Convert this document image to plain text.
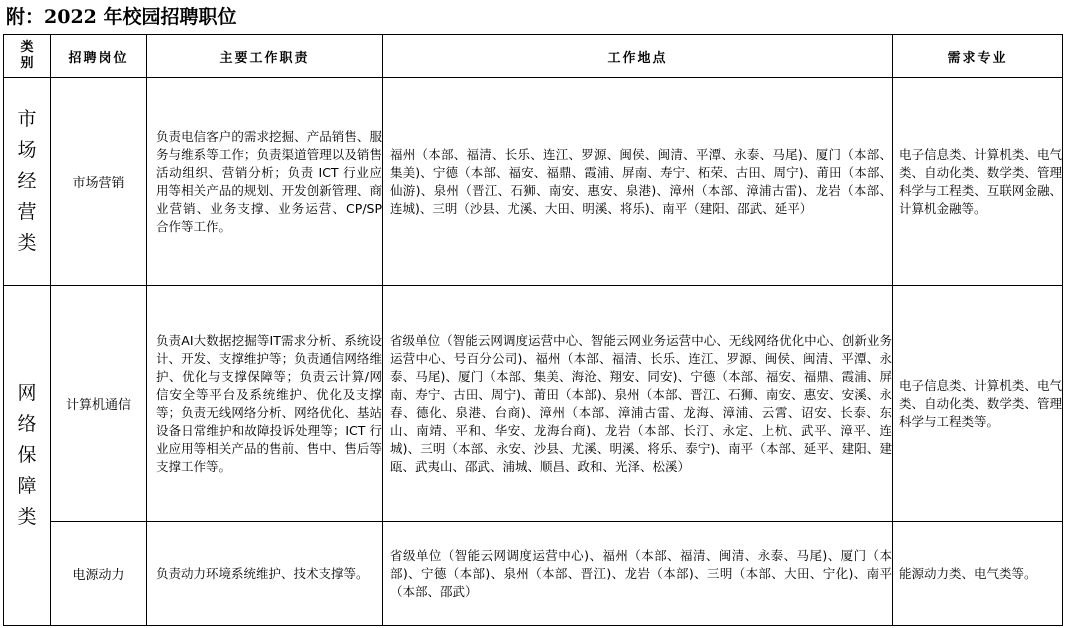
附：2022 年校园招聘职位
类别	招聘岗位	主要工作职责	工作地点	需求专业

市场经营类	市场营销	负责电信客户的需求挖掘、产品销售、服务与维系等工作；负责渠道管理以及销售活动组织、营销分析；负责 ICT 行业应用等相关产品的规划、开发创新管理、商业营销、业务支撑、业务运营、CP/SP 合作等工作。	福州（本部、福清、长乐、连江、罗源、闽侯、闽清、平潭、永泰、马尾)、厦门（本部、集美)、宁德（本部、福安、福鼎、霞浦、屏南、寿宁、柘荣、古田、周宁)、莆田（本部、仙游)、泉州（晋江、石狮、南安、惠安、泉港)、漳州（本部、漳浦古雷)、龙岩（本部、连城)、三明（沙县、尤溪、大田、明溪、将乐)、南平（建阳、邵武、延平）	电子信息类、计算机类、电气类、自动化类、数学类、管理科学与工程类、互联网金融、计算机金融等。

网络保障类	计算机通信	负责AI大数据挖掘等IT需求分析、系统设计、开发、支撑维护等；负责通信网络维护、优化与支撑保障等；负责云计算/网信安全等平台及系统维护、优化及支撑等；负责无线网络分析、网络优化、基站设备日常维护和故障投诉处理等；ICT 行业应用等相关产品的售前、售中、售后等支撑工作等。	省级单位（智能云网调度运营中心、智能云网业务运营中心、无线网络优化中心、创新业务运营中心、号百分公司)、福州（本部、福清、长乐、连江、罗源、闽侯、闽清、平潭、永泰、马尾)、厦门（本部、集美、海沧、翔安、同安)、宁德（本部、福安、福鼎、霞浦、屏南、寿宁、古田、周宁)、莆田（本部)、泉州（本部、晋江、石狮、南安、惠安、安溪、永春、德化、泉港、台商)、漳州（本部、漳浦古雷、龙海、漳浦、云霄、诏安、长泰、东山、南靖、平和、华安、龙海台商)、龙岩（本部、长汀、永定、上杭、武平、漳平、连城)、三明（本部、永安、沙县、尤溪、明溪、将乐、泰宁)、南平（本部、延平、建阳、建瓯、武夷山、邵武、浦城、顺昌、政和、光泽、松溪）	电子信息类、计算机类、电气类、自动化类、数学类、管理科学与工程类等。
	电源动力	负责动力环境系统维护、技术支撑等。	省级单位（智能云网调度运营中心)、福州（本部、福清、闽清、永泰、马尾)、厦门（本部)、宁德（本部)、泉州（本部、晋江)、龙岩（本部)、三明（本部、大田、宁化)、南平（本部、邵武）	能源动力类、电气类等。
